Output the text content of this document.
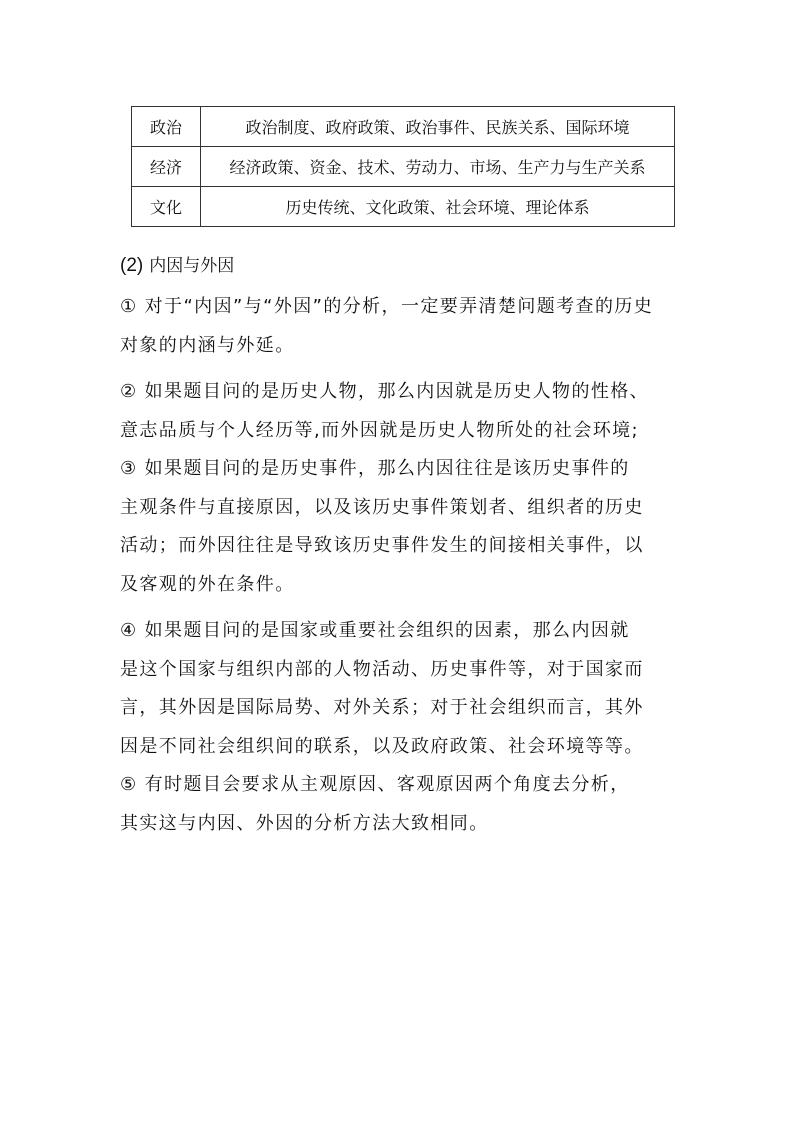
政治	政治制度、政府政策、政治事件、民族关系、国际环境
经济	经济政策、资金、技术、劳动力、市场、生产力与生产关系
文化	历史传统、文化政策、社会环境、理论体系
(2) 内因与外因

① 对于“内因”与“外因”的分析，一定要弄清楚问题考查的历史
对象的内涵与外延。

② 如果题目问的是历史人物，那么内因就是历史人物的性格、
意志品质与个人经历等,而外因就是历史人物所处的社会环境;

③ 如果题目问的是历史事件，那么内因往往是该历史事件的
主观条件与直接原因，以及该历史事件策划者、组织者的历史
活动；而外因往往是导致该历史事件发生的间接相关事件，以
及客观的外在条件。

④ 如果题目问的是国家或重要社会组织的因素，那么内因就
是这个国家与组织内部的人物活动、历史事件等，对于国家而
言，其外因是国际局势、对外关系；对于社会组织而言，其外
因是不同社会组织间的联系，以及政府政策、社会环境等等。

⑤ 有时题目会要求从主观原因、客观原因两个角度去分析，
其实这与内因、外因的分析方法大致相同。
